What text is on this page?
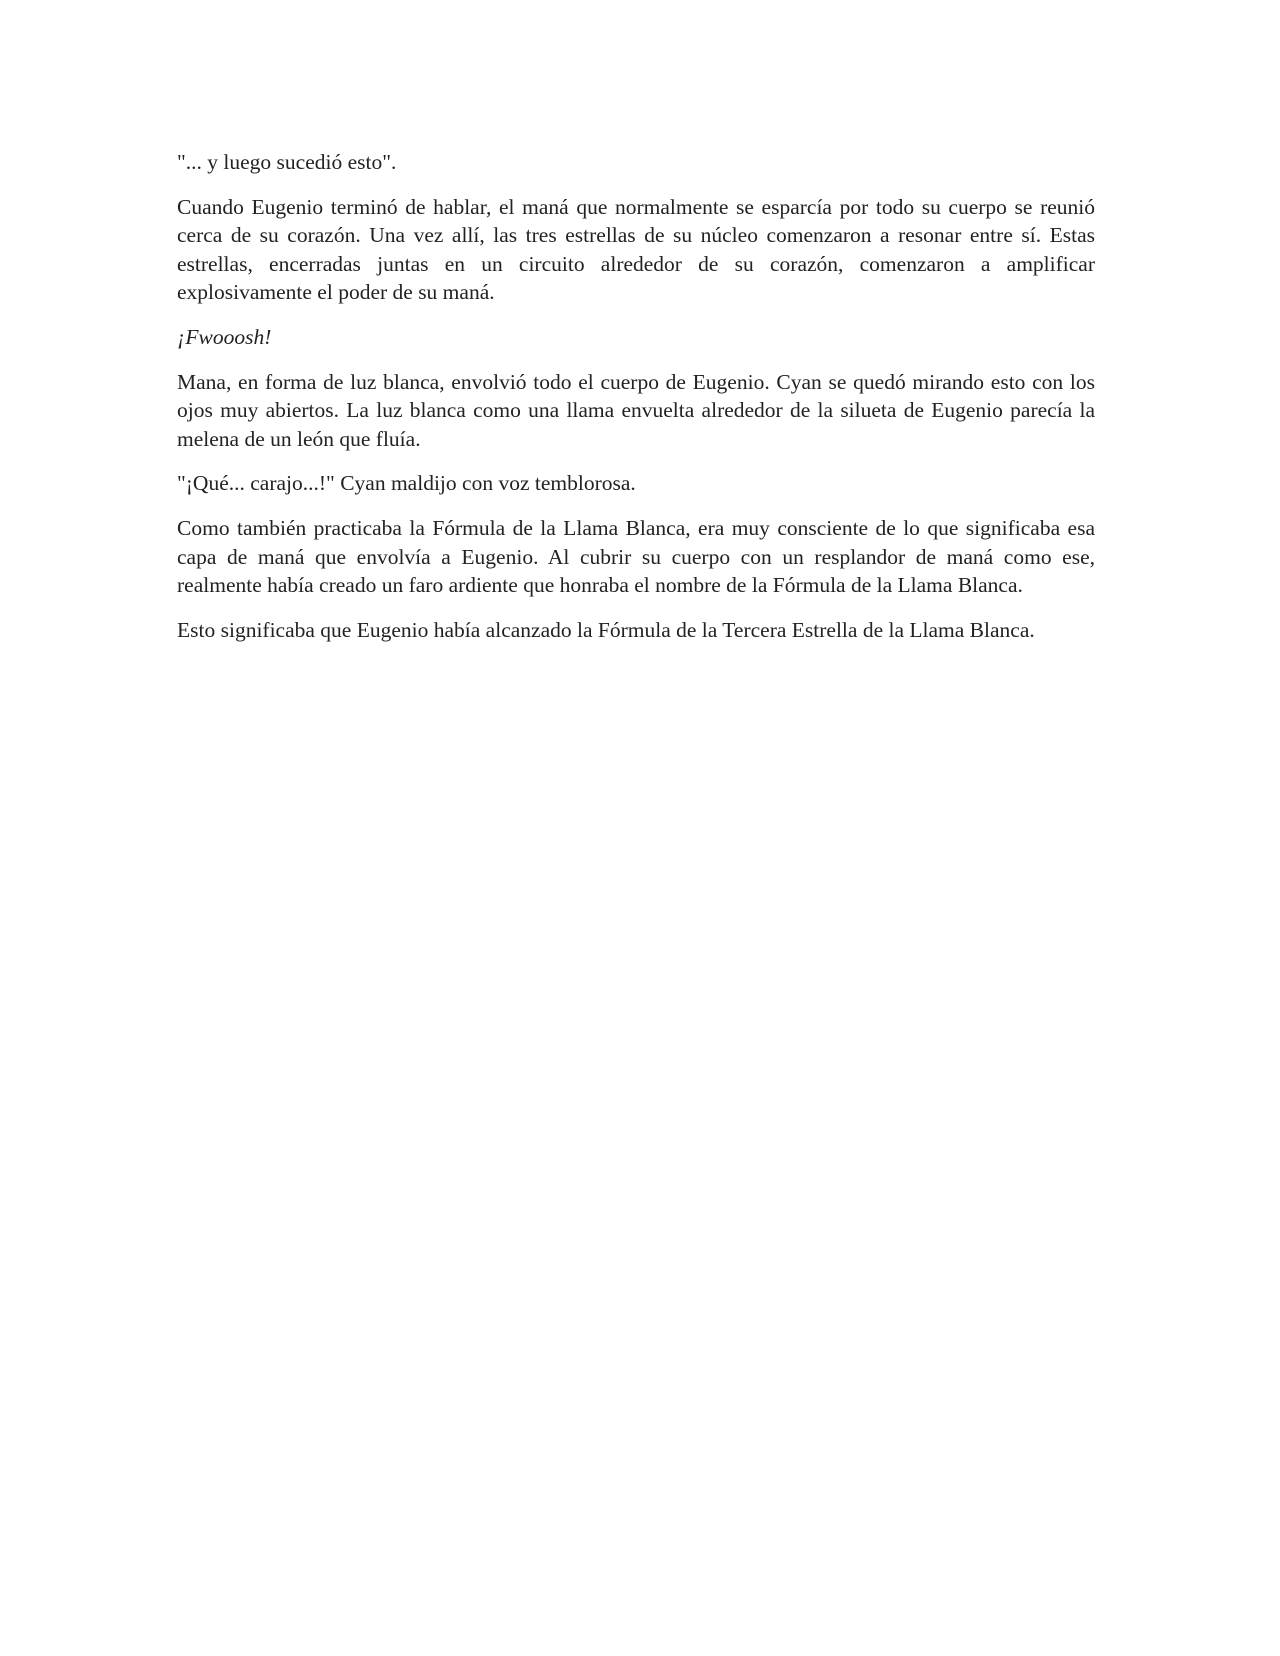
"... y luego sucedió esto".

Cuando Eugenio terminó de hablar, el maná que normalmente se esparcía por todo su cuerpo se reunió cerca de su corazón. Una vez allí, las tres estrellas de su núcleo comenzaron a resonar entre sí. Estas estrellas, encerradas juntas en un circuito alrededor de su corazón, comenzaron a amplificar explosivamente el poder de su maná.

¡Fwooosh!

Mana, en forma de luz blanca, envolvió todo el cuerpo de Eugenio. Cyan se quedó mirando esto con los ojos muy abiertos. La luz blanca como una llama envuelta alrededor de la silueta de Eugenio parecía la melena de un león que fluía.

"¡Qué... carajo...!" Cyan maldijo con voz temblorosa.

Como también practicaba la Fórmula de la Llama Blanca, era muy consciente de lo que significaba esa capa de maná que envolvía a Eugenio. Al cubrir su cuerpo con un resplandor de maná como ese, realmente había creado un faro ardiente que honraba el nombre de la Fórmula de la Llama Blanca.

Esto significaba que Eugenio había alcanzado la Fórmula de la Tercera Estrella de la Llama Blanca.
